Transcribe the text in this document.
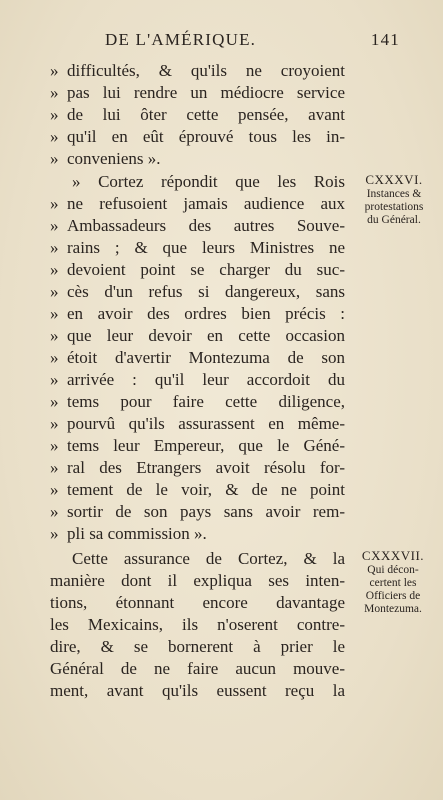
DE L'AMÉRIQUE.	141
» difficultés, & qu'ils ne croyoient
» pas lui rendre un médiocre service
» de lui ôter cette pensée, avant
» qu'il en eût éprouvé tous les in-
» conveniens ».
» Cortez répondit que les Rois
» ne refusoient jamais audience aux
» Ambassadeurs des autres Souve-
» rains ; & que leurs Ministres ne
» devoient point se charger du suc-
» cès d'un refus si dangereux, sans
» en avoir des ordres bien précis :
» que leur devoir en cette occasion
» étoit d'avertir Montezuma de son
» arrivée : qu'il leur accordoit du
» tems pour faire cette diligence,
» pourvû qu'ils assurassent en même-
» tems leur Empereur, que le Géné-
» ral des Etrangers avoit résolu for-
» tement de le voir, & de ne point
» sortir de son pays sans avoir rem-
» pli sa commission ».
Cette assurance de Cortez, & la
manière dont il expliqua ses inten-
tions, étonnant encore davantage
les Mexicains, ils n'oserent contre-
dire, & se bornerent à prier le
Général de ne faire aucun mouve-
ment, avant qu'ils eussent reçu la
CXXXVI.
Instances &
protestations
du Général.
CXXXVII.
Qui décon-
certent les
Officiers de
Montezuma.
